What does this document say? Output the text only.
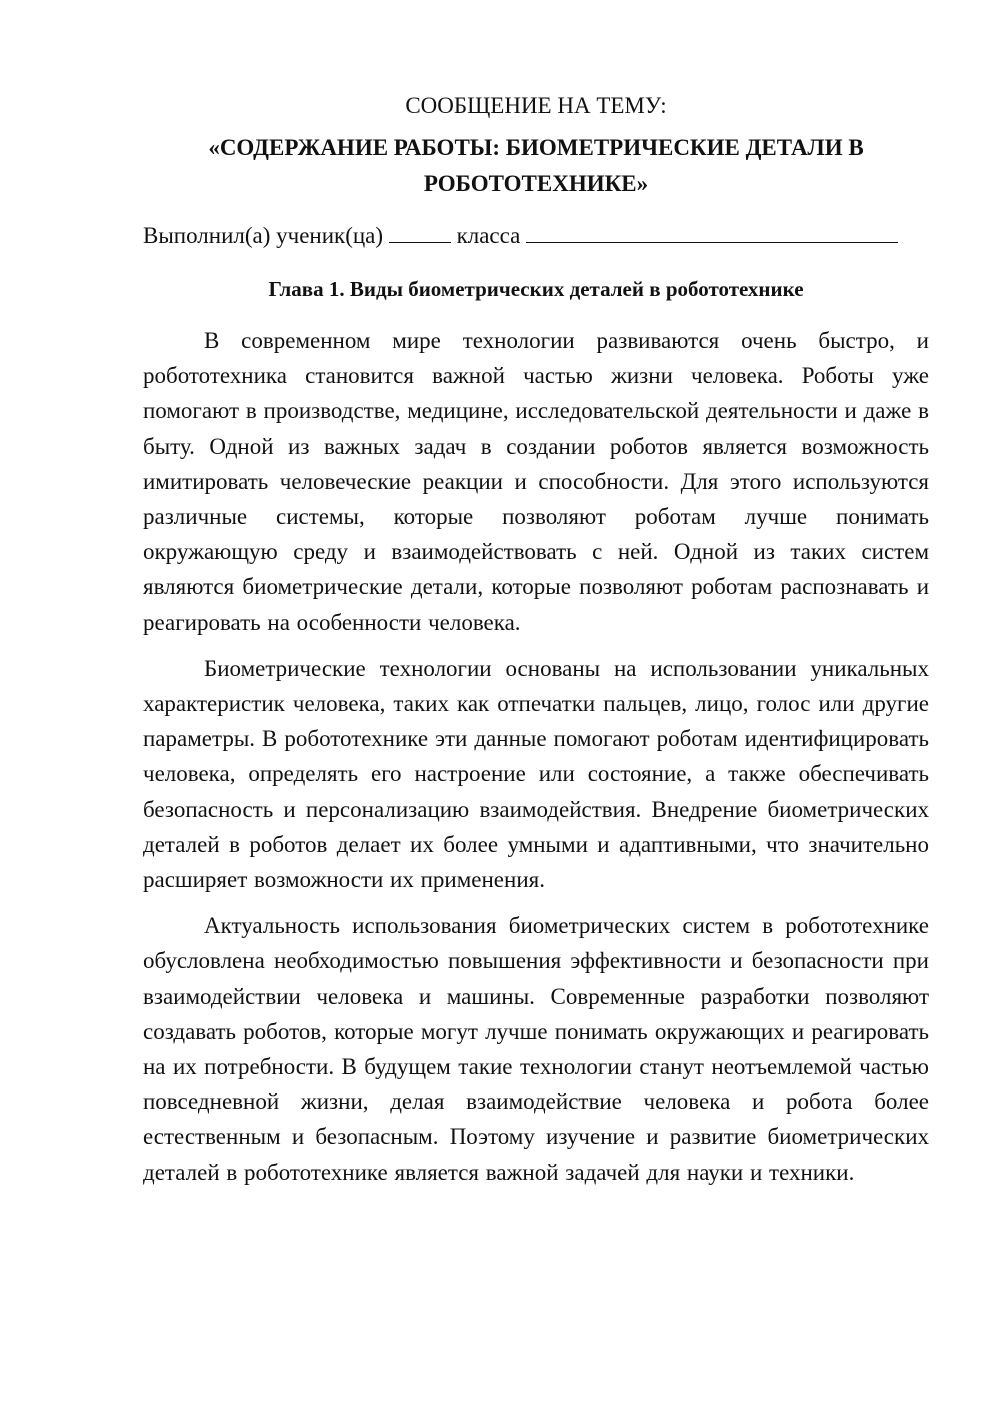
СООБЩЕНИЕ НА ТЕМУ:

«СОДЕРЖАНИЕ РАБОТЫ: БИОМЕТРИЧЕСКИЕ ДЕТАЛИ В
РОБОТОТЕХНИКЕ»

Выполнил(а) ученик(ца)	класса

Глава 1. Виды биометрических деталей в робототехнике

В современном мире технологии развиваются очень быстро, и робототехника становится важной частью жизни человека. Роботы уже помогают в производстве, медицине, исследовательской деятельности и даже в быту. Одной из важных задач в создании роботов является возможность имитировать человеческие реакции и способности. Для этого используются различные системы, которые позволяют роботам лучше понимать окружающую среду и взаимодействовать с ней. Одной из таких систем являются биометрические детали, которые позволяют роботам распознавать и реагировать на особенности человека.

Биометрические технологии основаны на использовании уникальных характеристик человека, таких как отпечатки пальцев, лицо, голос или другие параметры. В робототехнике эти данные помогают роботам идентифицировать человека, определять его настроение или состояние, а также обеспечивать безопасность и персонализацию взаимодействия. Внедрение биометрических деталей в роботов делает их более умными и адаптивными, что значительно расширяет возможности их применения.

Актуальность использования биометрических систем в робототехнике обусловлена необходимостью повышения эффективности и безопасности при взаимодействии человека и машины. Современные разработки позволяют создавать роботов, которые могут лучше понимать окружающих и реагировать на их потребности. В будущем такие технологии станут неотъемлемой частью повседневной жизни, делая взаимодействие человека и робота более естественным и безопасным. Поэтому изучение и развитие биометрических деталей в робототехнике является важной задачей для науки и техники.
